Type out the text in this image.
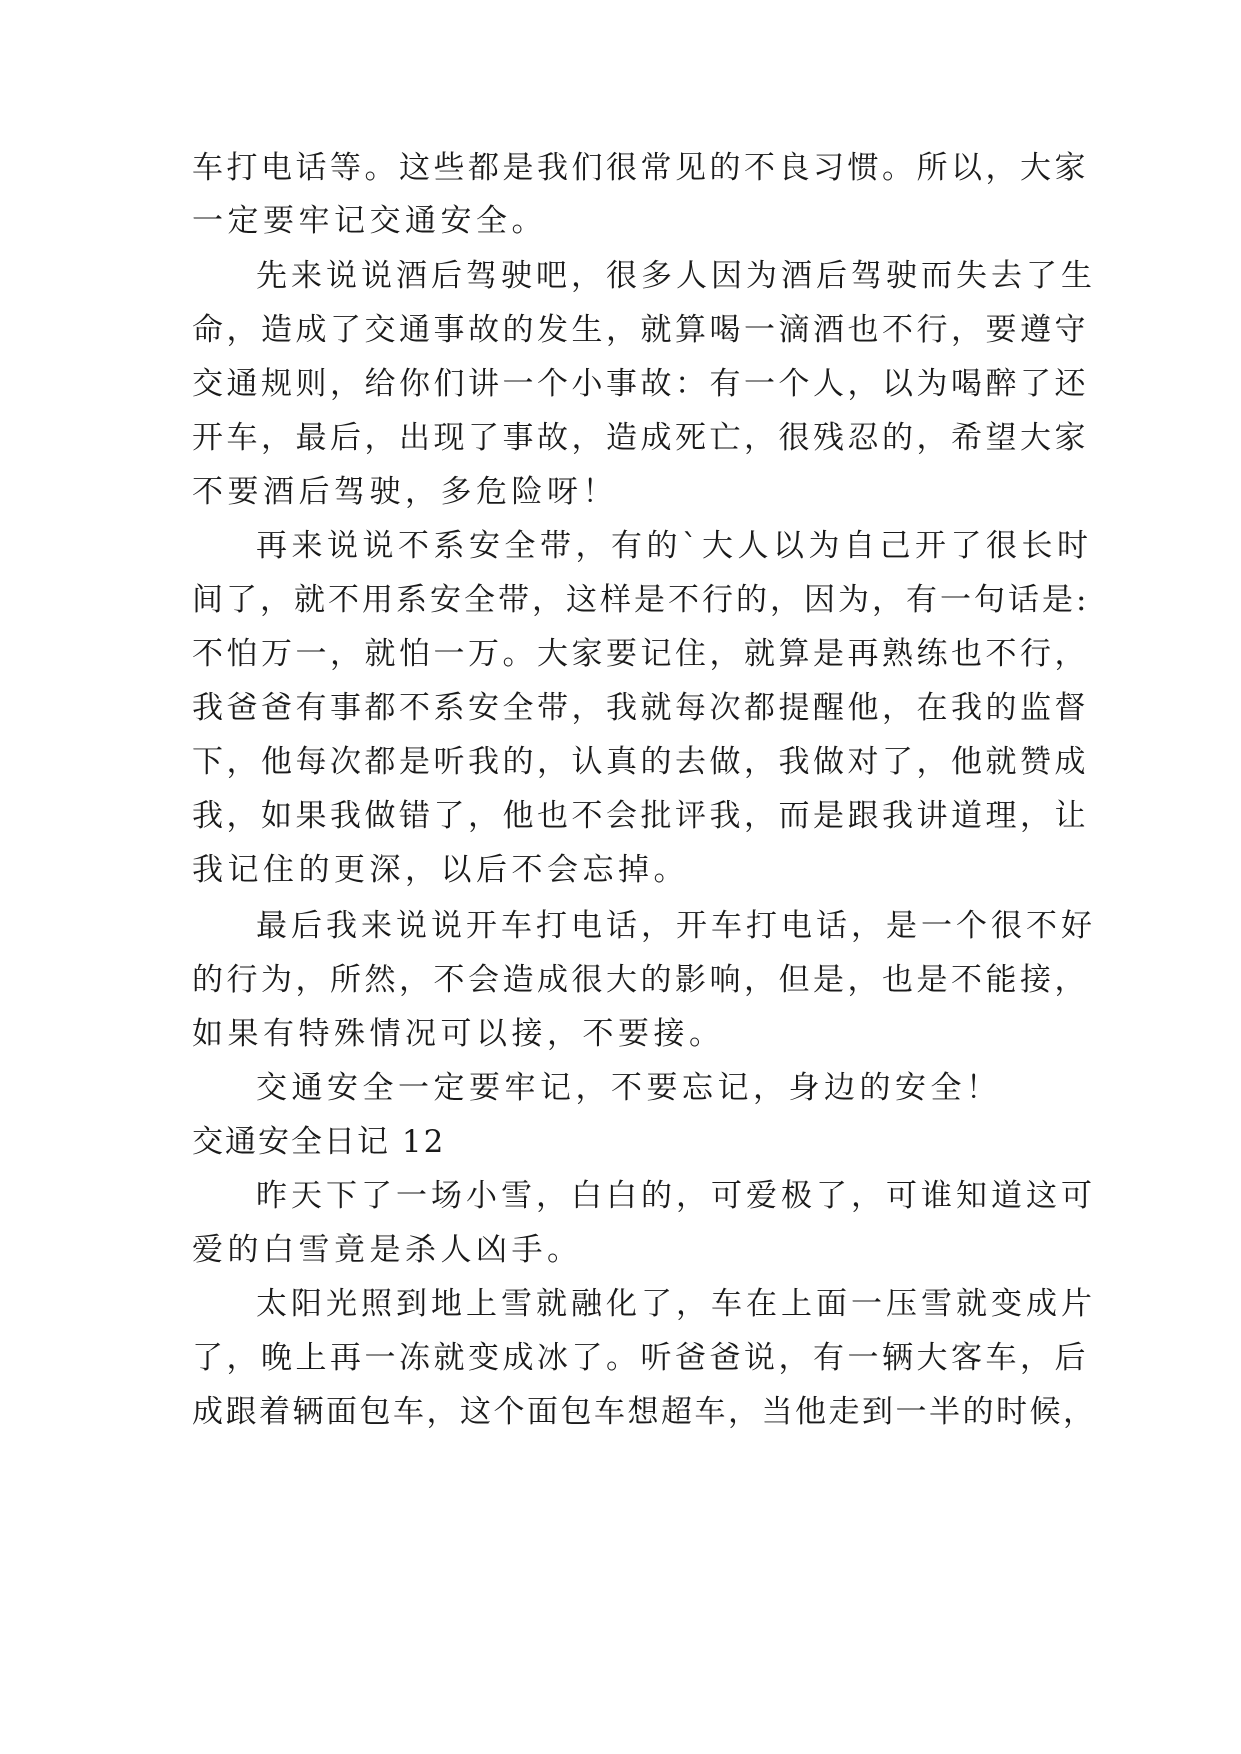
车打电话等。这些都是我们很常见的不良习惯。所以，大家

一定要牢记交通安全。

先来说说酒后驾驶吧，很多人因为酒后驾驶而失去了生

命，造成了交通事故的发生，就算喝一滴酒也不行，要遵守

交通规则，给你们讲一个小事故：有一个人，以为喝醉了还

开车，最后，出现了事故，造成死亡，很残忍的，希望大家

不要酒后驾驶，多危险呀！

再来说说不系安全带，有的`大人以为自己开了很长时

间了，就不用系安全带，这样是不行的，因为，有一句话是:

不怕万一，就怕一万。大家要记住，就算是再熟练也不行，

我爸爸有事都不系安全带，我就每次都提醒他，在我的监督

下，他每次都是听我的，认真的去做，我做对了，他就赞成

我，如果我做错了，他也不会批评我，而是跟我讲道理，让

我记住的更深，以后不会忘掉。

最后我来说说开车打电话，开车打电话，是一个很不好

的行为，所然，不会造成很大的影响，但是，也是不能接，

如果有特殊情况可以接，不要接。

交通安全一定要牢记，不要忘记，身边的安全！

交通安全日记 12

昨天下了一场小雪，白白的，可爱极了，可谁知道这可

爱的白雪竟是杀人凶手。

太阳光照到地上雪就融化了，车在上面一压雪就变成片

了，晚上再一冻就变成冰了。听爸爸说，有一辆大客车，后

成跟着辆面包车，这个面包车想超车，当他走到一半的时候，
